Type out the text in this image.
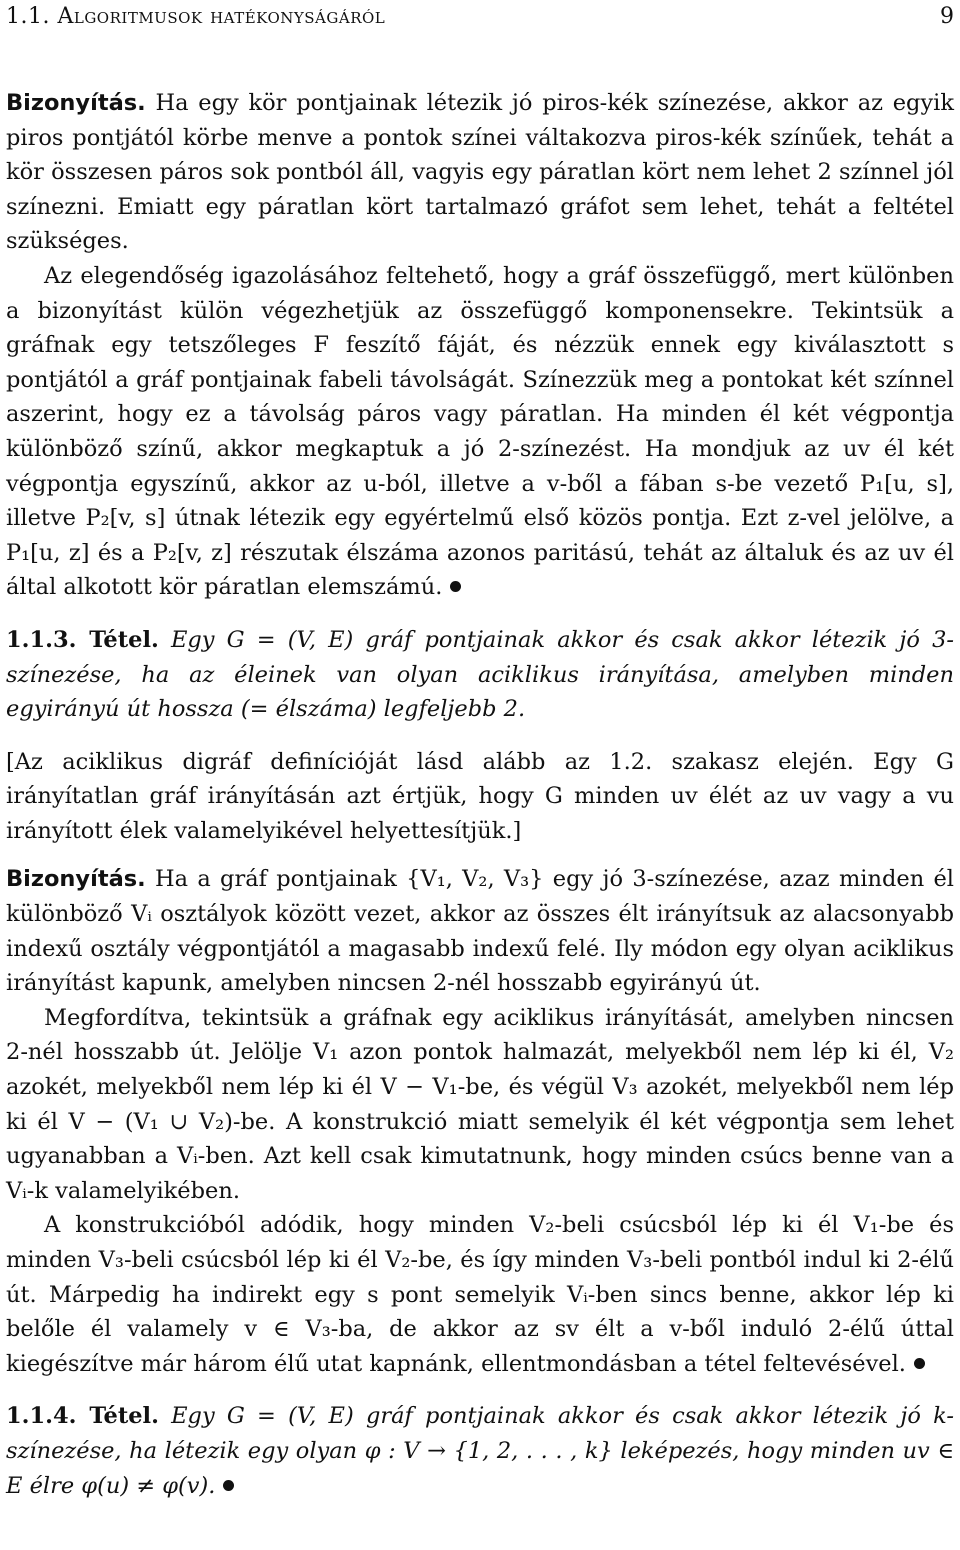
1.1. Algoritmusok hatékonyságáról	9

Bizonyítás. Ha egy kör pontjainak létezik jó piros-kék színezése, akkor az egyik piros pontjától körbe menve a pontok színei váltakozva piros-kék színűek, tehát a kör összesen páros sok pontból áll, vagyis egy páratlan kört nem lehet 2 színnel jól színezni. Emiatt egy páratlan kört tartalmazó gráfot sem lehet, tehát a feltétel szükséges.

Az elegendőség igazolásához feltehető, hogy a gráf összefüggő, mert különben a bizonyítást külön végezhetjük az összefüggő komponensekre. Tekintsük a gráfnak egy tetszőleges F feszítő fáját, és nézzük ennek egy kiválasztott s pontjától a gráf pontjainak fabeli távolságát. Színezzük meg a pontokat két színnel aszerint, hogy ez a távolság páros vagy páratlan. Ha minden él két végpontja különböző színű, akkor megkaptuk a jó 2-színezést. Ha mondjuk az uv él két végpontja egyszínű, akkor az u-ból, illetve a v-ből a fában s-be vezető P₁[u, s], illetve P₂[v, s] útnak létezik egy egyértelmű első közös pontja. Ezt z-vel jelölve, a P₁[u, z] és a P₂[v, z] részutak élszáma azonos paritású, tehát az általuk és az uv él által alkotott kör páratlan elemszámú.

1.1.3. Tétel. Egy G = (V, E) gráf pontjainak akkor és csak akkor létezik jó 3-színezése, ha az éleinek van olyan aciklikus irányítása, amelyben minden egyirányú út hossza (= élszáma) legfeljebb 2.

[Az aciklikus digráf definícióját lásd alább az 1.2. szakasz elején. Egy G irányítatlan gráf irányításán azt értjük, hogy G minden uv élét az uv vagy a vu irányított élek valamelyikével helyettesítjük.]

Bizonyítás. Ha a gráf pontjainak {V₁, V₂, V₃} egy jó 3-színezése, azaz minden él különböző Vᵢ osztályok között vezet, akkor az összes élt irányítsuk az alacsonyabb indexű osztály végpontjától a magasabb indexű felé. Ily módon egy olyan aciklikus irányítást kapunk, amelyben nincsen 2-nél hosszabb egyirányú út.

Megfordítva, tekintsük a gráfnak egy aciklikus irányítását, amelyben nincsen 2-nél hosszabb út. Jelölje V₁ azon pontok halmazát, melyekből nem lép ki él, V₂ azokét, melyekből nem lép ki él V − V₁-be, és végül V₃ azokét, melyekből nem lép ki él V − (V₁ ∪ V₂)-be. A konstrukció miatt semelyik él két végpontja sem lehet ugyanabban a Vᵢ-ben. Azt kell csak kimutatnunk, hogy minden csúcs benne van a Vᵢ-k valamelyikében.

A konstrukcióból adódik, hogy minden V₂-beli csúcsból lép ki él V₁-be és minden V₃-beli csúcsból lép ki él V₂-be, és így minden V₃-beli pontból indul ki 2-élű út. Márpedig ha indirekt egy s pont semelyik Vᵢ-ben sincs benne, akkor lép ki belőle él valamely v ∈ V₃-ba, de akkor az sv élt a v-ből induló 2-élű úttal kiegészítve már három élű utat kapnánk, ellentmondásban a tétel feltevésével.

1.1.4. Tétel. Egy G = (V, E) gráf pontjainak akkor és csak akkor létezik jó k-színezése, ha létezik egy olyan φ : V → {1, 2, . . . , k} leképezés, hogy minden uv ∈ E élre φ(u) ≠ φ(v).
